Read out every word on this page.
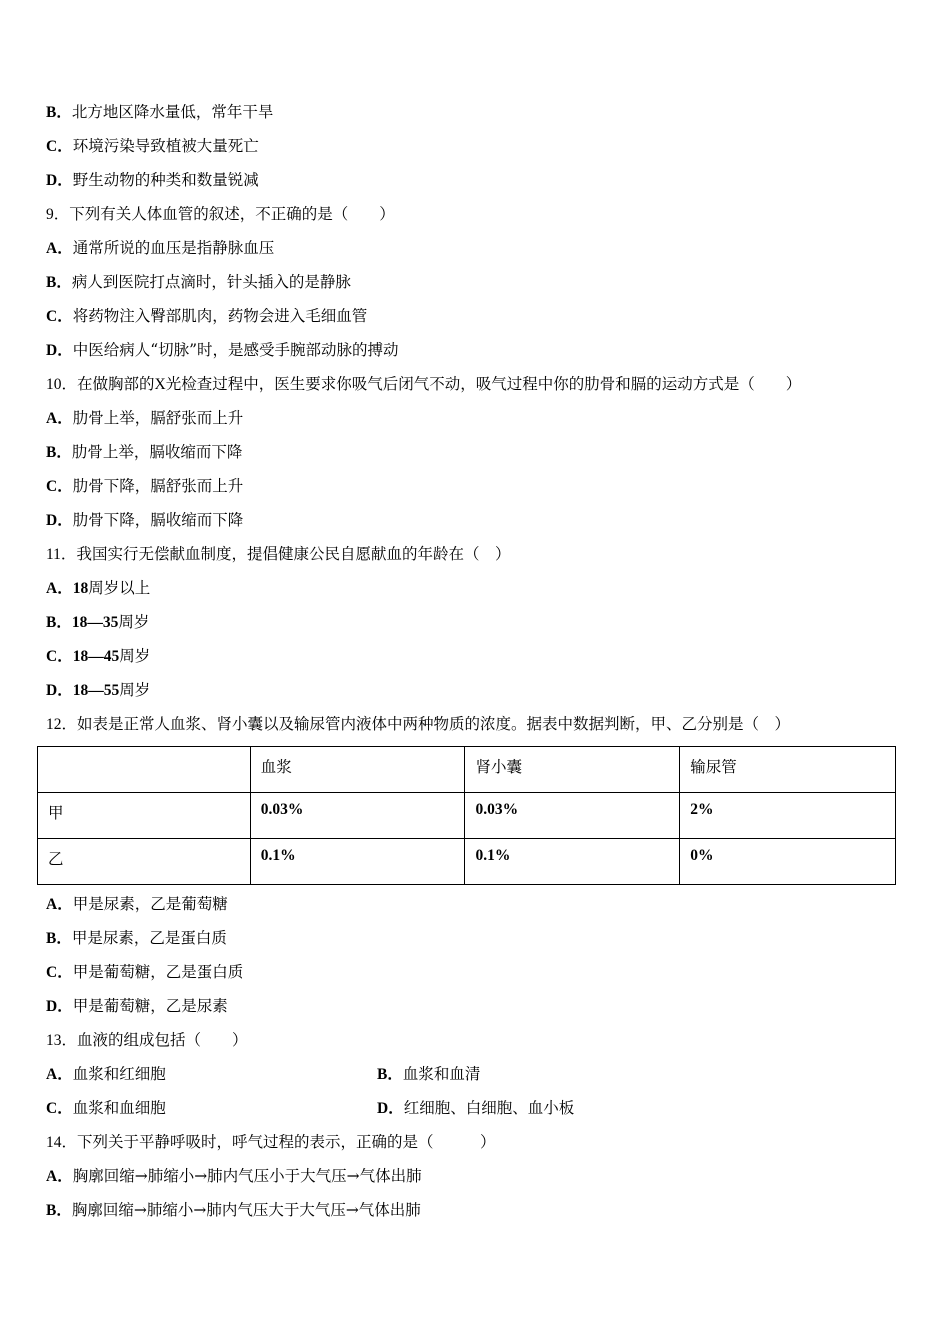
B．北方地区降水量低，常年干旱
C．环境污染导致植被大量死亡
D．野生动物的种类和数量锐减
9．下列有关人体血管的叙述，不正确的是（　　）
A．通常所说的血压是指静脉血压
B．病人到医院打点滴时，针头插入的是静脉
C．将药物注入臀部肌肉，药物会进入毛细血管
D．中医给病人“切脉”时，是感受手腕部动脉的搏动
10．在做胸部的X光检查过程中，医生要求你吸气后闭气不动，吸气过程中你的肋骨和膈的运动方式是（　　）
A．肋骨上举，膈舒张而上升
B．肋骨上举，膈收缩而下降
C．肋骨下降，膈舒张而上升
D．肋骨下降，膈收缩而下降
11．我国实行无偿献血制度，提倡健康公民自愿献血的年龄在（　）
A．18周岁以上
B．18—35周岁
C．18—45周岁
D．18—55周岁
12．如表是正常人血浆、肾小囊以及输尿管内液体中两种物质的浓度。据表中数据判断，甲、乙分别是（　）
	血浆	肾小囊	输尿管
甲	0.03%	0.03%	2%
乙	0.1%	0.1%	0%
A．甲是尿素，乙是葡萄糖
B．甲是尿素，乙是蛋白质
C．甲是葡萄糖，乙是蛋白质
D．甲是葡萄糖，乙是尿素
13．血液的组成包括（　　）
A．血浆和红细胞	B．血浆和血清
C．血浆和血细胞	D．红细胞、白细胞、血小板
14．下列关于平静呼吸时，呼气过程的表示，正确的是（　　　）
A．胸廓回缩→肺缩小→肺内气压小于大气压→气体出肺
B．胸廓回缩→肺缩小→肺内气压大于大气压→气体出肺
